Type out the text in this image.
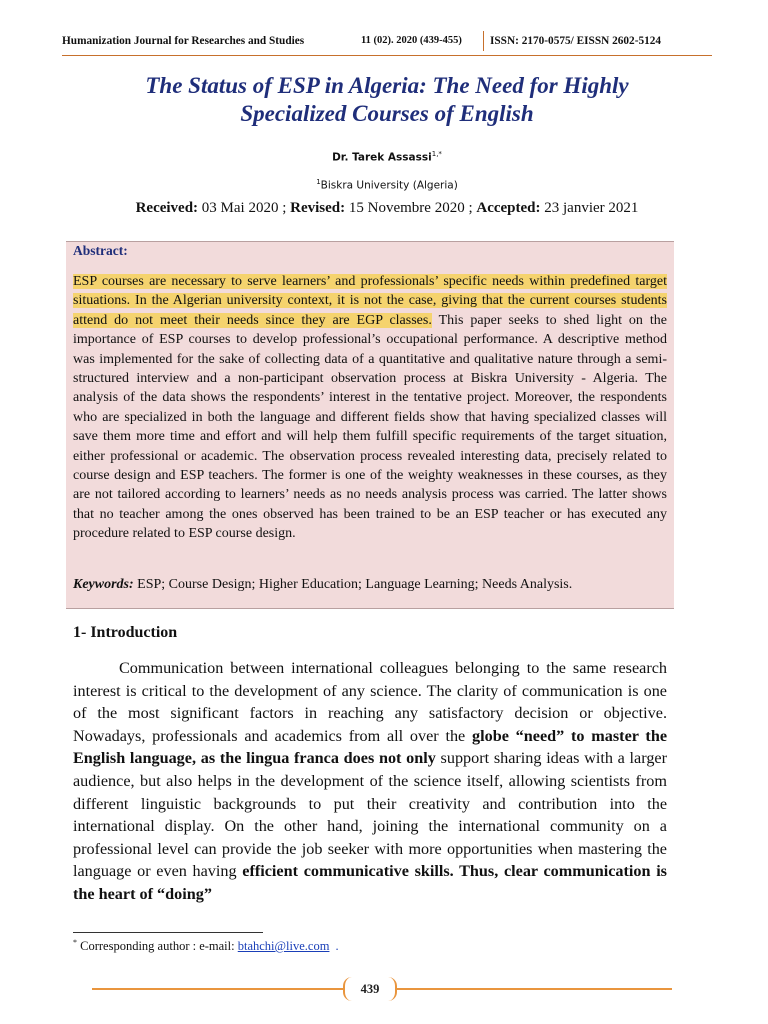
Humanization Journal for Researches and Studies	11 (02). 2020 (439-455) ISSN: 2170-0575/ EISSN 2602-5124
The Status of ESP in Algeria: The Need for Highly
Specialized Courses of English
Dr. Tarek Assassi$^{1,*}$
$^1$Biskra University (Algeria)
Received: 03 Mai 2020 ; Revised: 15 Novembre 2020 ; Accepted: 23 janvier 2021
Abstract:
ESP courses are necessary to serve learners’ and professionals’ specific needs within predefined target situations. In the Algerian university context, it is not the case, giving that the current courses students attend do not meet their needs since they are EGP classes. This paper seeks to shed light on the importance of ESP courses to develop professional’s occupational performance. A descriptive method was implemented for the sake of collecting data of a quantitative and qualitative nature through a semi-structured interview and a non-participant observation process at Biskra University - Algeria. The analysis of the data shows the respondents’ interest in the tentative project. Moreover, the respondents who are specialized in both the language and different fields show that having specialized classes will save them more time and effort and will help them fulfill specific requirements of the target situation, either professional or academic. The observation process revealed interesting data, precisely related to course design and ESP teachers. The former is one of the weighty weaknesses in these courses, as they are not tailored according to learners’ needs as no needs analysis process was carried. The latter shows that no teacher among the ones observed has been trained to be an ESP teacher or has executed any procedure related to ESP course design.
Keywords: ESP; Course Design; Higher Education; Language Learning; Needs Analysis.
1- Introduction
Communication between international colleagues belonging to the same research interest is critical to the development of any science. The clarity of communication is one of the most significant factors in reaching any satisfactory decision or objective. Nowadays, professionals and academics from all over the globe “need” to master the English language, as the lingua franca does not only support sharing ideas with a larger audience, but also helps in the development of the science itself, allowing scientists from different linguistic backgrounds to put their creativity and contribution into the international display. On the other hand, joining the international community on a professional level can provide the job seeker with more opportunities when mastering the language or even having efficient communicative skills. Thus, clear communication is the heart of “doing”
* Corresponding author : e-mail: btahchi@live.com .
439
